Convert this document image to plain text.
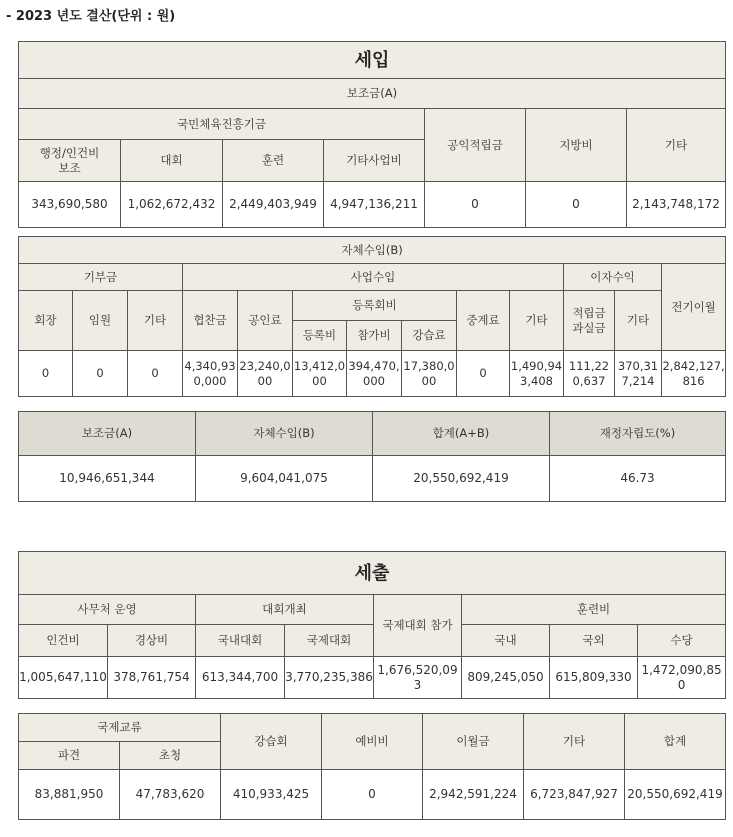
- 2023 년도 결산(단위 : 원)
세입						
보조금(A)						
국민체육진흥기금				공익적립금	지방비	기타
행정/인건비 보조	대회	훈련	기타사업비			
343,690,580	1,062,672,432	2,449,403,949	4,947,136,211	0	0	2,143,748,172
자체수입(B)												
기부금			사업수입							이자수익		전기이월
회장	임원	기타	협찬금	공인료	등록회비			중계료	기타	적립금 과실금	기타	
					등록비	참가비	강습료					
0	0	0	4,340,930,000	23,240,000	13,412,000	394,470,000	17,380,000	0	1,490,943,408	111,220,637	370,317,214	2,842,127,816
보조금(A)	자체수입(B)	합계(A+B)	재정자립도(%)
10,946,651,344	9,604,041,075	20,550,692,419	46.73
세출							
사무처 운영		대회개최		국제대회 참가	훈련비		
인건비	경상비	국내대회	국제대회		국내	국외	수당
1,005,647,110	378,761,754	613,344,700	3,770,235,386	1,676,520,093	809,245,050	615,809,330	1,472,090,850
국제교류		강습회	예비비	이월금	기타	합계
파견	초청					
83,881,950	47,783,620	410,933,425	0	2,942,591,224	6,723,847,927	20,550,692,419
